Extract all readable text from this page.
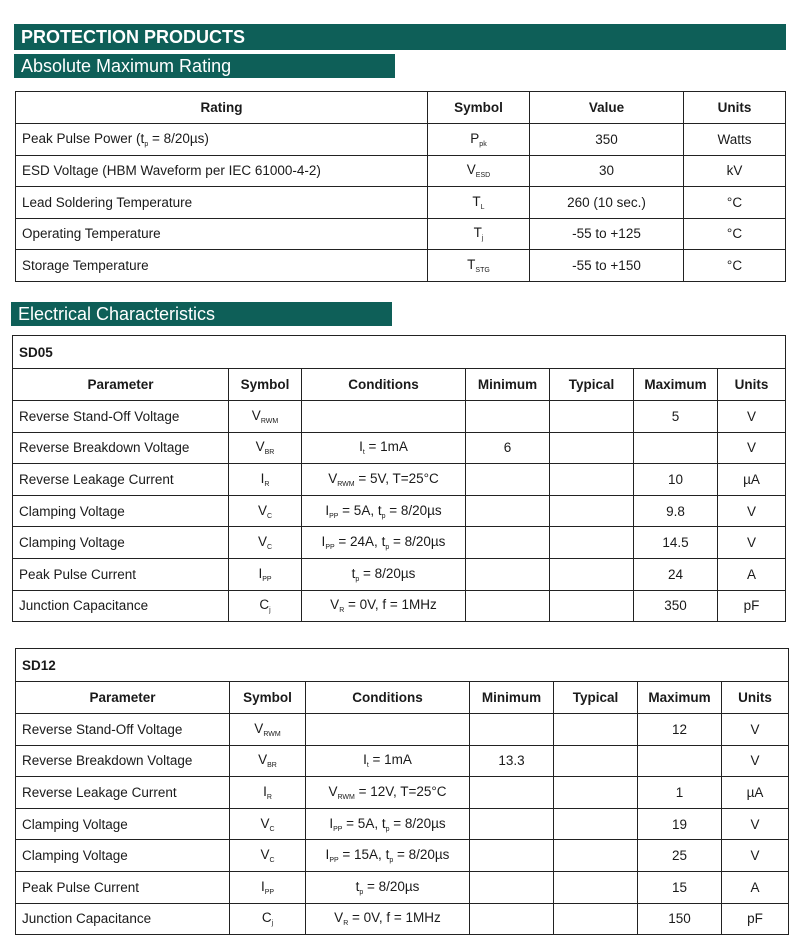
PROTECTION PRODUCTS
Absolute Maximum Rating
Rating	Symbol	Value	Units
Peak Pulse Power $(t_p = 8/20\mu s)$	$P_{pk}$	350	Watts
ESD Voltage (HBM Waveform per IEC 61000-4-2)	$V_{ESD}$	30	kV
Lead Soldering Temperature	$T_L$	260 (10 sec.)	°C
Operating Temperature	$T_j$	-55 to +125	°C
Storage Temperature	$T_{STG}$	-55 to +150	°C
Electrical Characteristics
SD05						
Parameter	Symbol	Conditions	Minimum	Typical	Maximum	Units
Reverse Stand-Off Voltage	$V_{RWM}$				5	V
Reverse Breakdown Voltage	$V_{BR}$	$I_t = 1mA$	6			V
Reverse Leakage Current	$I_R$	$V_{RWM} = 5V$, T=25°C			10	µA
Clamping Voltage	$V_C$	$I_{PP} = 5A$, $t_p = 8/20\mu s$			9.8	V
Clamping Voltage	$V_C$	$I_{PP} = 24A$, $t_p = 8/20\mu s$			14.5	V
Peak Pulse Current	$I_{PP}$	$t_p = 8/20\mu s$			24	A
Junction Capacitance	$C_j$	$V_R = 0V$, f = 1MHz			350	pF
SD12						
Parameter	Symbol	Conditions	Minimum	Typical	Maximum	Units
Reverse Stand-Off Voltage	$V_{RWM}$				12	V
Reverse Breakdown Voltage	$V_{BR}$	$I_t = 1mA$	13.3			V
Reverse Leakage Current	$I_R$	$V_{RWM} = 12V$, T=25°C			1	µA
Clamping Voltage	$V_C$	$I_{PP} = 5A$, $t_p = 8/20\mu s$			19	V
Clamping Voltage	$V_C$	$I_{PP} = 15A$, $t_p = 8/20\mu s$			25	V
Peak Pulse Current	$I_{PP}$	$t_p = 8/20\mu s$			15	A
Junction Capacitance	$C_j$	$V_R = 0V$, f = 1MHz			150	pF
